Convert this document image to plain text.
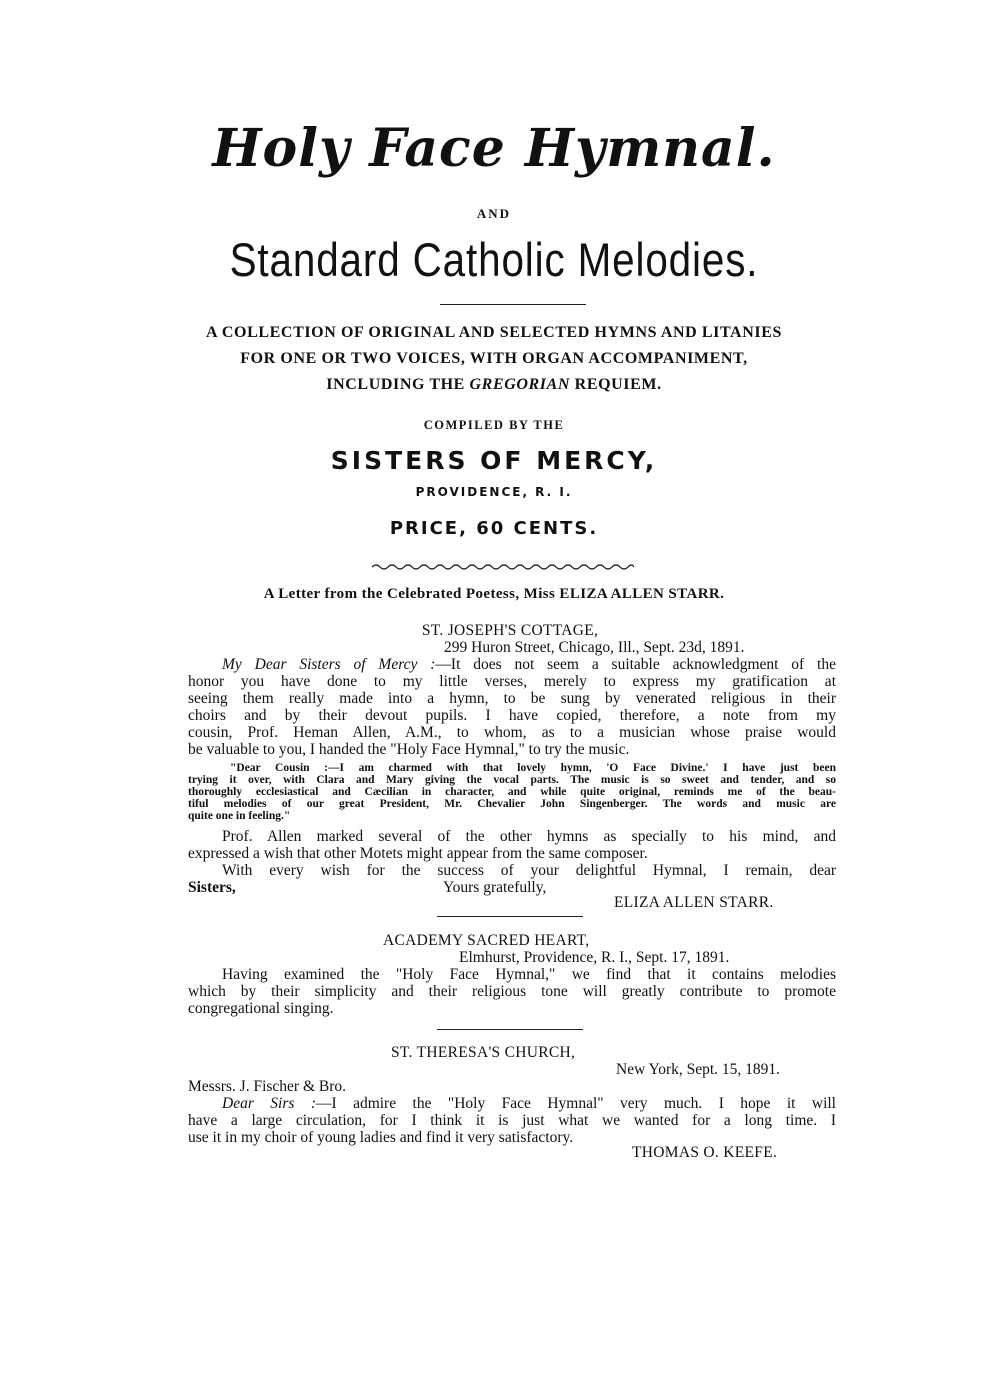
Holy Face Hymnal.
AND
Standard Catholic Melodies.
A COLLECTION OF ORIGINAL AND SELECTED HYMNS AND LITANIES
FOR ONE OR TWO VOICES, WITH ORGAN ACCOMPANIMENT,
INCLUDING THE GREGORIAN REQUIEM.
COMPILED BY THE
SISTERS OF MERCY,
PROVIDENCE, R. I.
PRICE, 60 CENTS.
A Letter from the Celebrated Poetess, Miss ELIZA ALLEN STARR.
ST. JOSEPH'S COTTAGE,
299 Huron Street, Chicago, Ill., Sept. 23d, 1891.
My Dear Sisters of Mercy :—It does not seem a suitable acknowledgment of the
honor you have done to my little verses, merely to express my gratification at
seeing them really made into a hymn, to be sung by venerated religious in their
choirs and by their devout pupils. I have copied, therefore, a note from my
cousin, Prof. Heman Allen, A.M., to whom, as to a musician whose praise would
be valuable to you, I handed the "Holy Face Hymnal," to try the music.
"Dear Cousin :—I am charmed with that lovely hymn, 'O Face Divine.' I have just been
trying it over, with Clara and Mary giving the vocal parts. The music is so sweet and tender, and so
thoroughly ecclesiastical and Cæcilian in character, and while quite original, reminds me of the beau-
tiful melodies of our great President, Mr. Chevalier John Singenberger. The words and music are
quite one in feeling."
Prof. Allen marked several of the other hymns as specially to his mind, and
expressed a wish that other Motets might appear from the same composer.
With every wish for the success of your delightful Hymnal, I remain, dear
Sisters,	Yours gratefully,
ELIZA ALLEN STARR.
ACADEMY SACRED HEART,
Elmhurst, Providence, R. I., Sept. 17, 1891.
Having examined the "Holy Face Hymnal," we find that it contains melodies
which by their simplicity and their religious tone will greatly contribute to promote
congregational singing.
ST. THERESA'S CHURCH,
New York, Sept. 15, 1891.
Messrs. J. Fischer & Bro.
Dear Sirs :—I admire the "Holy Face Hymnal" very much. I hope it will
have a large circulation, for I think it is just what we wanted for a long time. I
use it in my choir of young ladies and find it very satisfactory.
THOMAS O. KEEFE.
